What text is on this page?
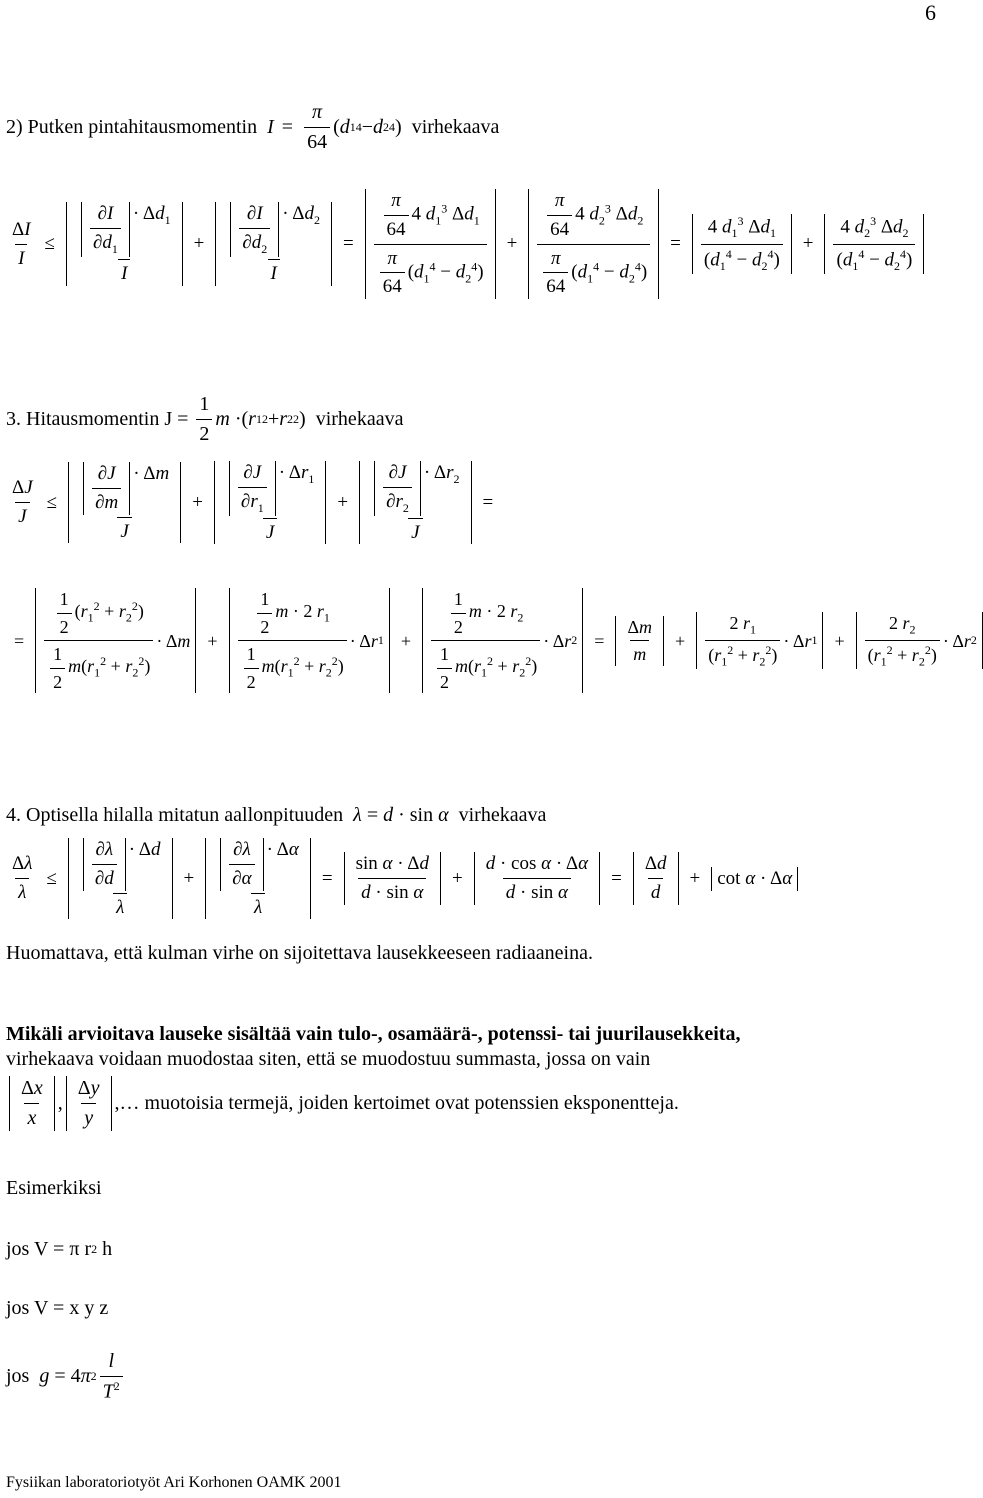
6
2)
Putken pintahitausmomentin
$I = \frac{\pi}{64}$ ( d 1 4 − d 2 4 )
virhekaava
$\frac{\Delta I}{I} \le \frac{\frac{\partial I}{\partial d_1} \cdot \Delta d_1}{I} + \frac{\frac{\partial I}{\partial d_2} \cdot \Delta d_2}{I} = \frac{\frac{\pi}{64} 4 d_1^3 \Delta d_1}{\frac{\pi}{64} (d_1^4 - d_2^4)} + \frac{\frac{\pi}{64} 4 d_2^3 \Delta d_2}{\frac{\pi}{64} (d_1^4 - d_2^4)} = \frac{4 d_1^3 \Delta d_1}{(d_1^4 - d_2^4)} + \frac{4 d_2^3 \Delta d_2}{(d_1^4 - d_2^4)}$
3. Hitausmomentin J =
$\frac{1}{2}$ m ·( r 1 2 + r 2 2 ) virhekaava
$\frac{\Delta J}{J} \le \frac{\frac{\partial J}{\partial m} \cdot \Delta m}{J} + \frac{\frac{\partial J}{\partial r_1} \cdot \Delta r_1}{J} + \frac{\frac{\partial J}{\partial r_2} \cdot \Delta r_2}{J}$ =
= $\frac{\frac{1}{2} (r_1^2 + r_2^2)}{\frac{1}{2} m(r_1^2 + r_2^2)} \cdot \Delta$ $m + \frac{\frac{1}{2} m \cdot 2 r_1}{\frac{1}{2} m(r_1^2 + r_2^2)} \cdot \Delta$ r $1 + \frac{\frac{1}{2} m \cdot 2 r_2}{\frac{1}{2} m(r_1^2 + r_2^2)} \cdot \Delta$ r $2 = \frac{\Delta m}{m} + \frac{2 r_1}{(r_1^2 + r_2^2)} \cdot \Delta$ r $1 + \frac{2 r_2}{(r_1^2 + r_2^2)} \cdot \Delta$ r 2
4. Optisella hilalla mitatun aallonpituuden
λ = d · sin α
virhekaava
$\frac{\Delta\lambda}{\lambda} \le \frac{\frac{\partial\lambda}{\partial d} \cdot \Delta d}{\lambda} + \frac{\frac{\partial\lambda}{\partial\alpha} \cdot \Delta\alpha}{\lambda} = \frac{\text{sin α · Δd}}{\text{d · sin α}} + \frac{\text{d · cos α · Δα}}{\text{d · sin α}} = \frac{\Delta d}{d} + \cot \alpha \cdot \Delta$ α

Huomattava, että kulman virhe on sijoitettava lausekkeeseen radiaaneina.

Mikäli arvioitava lauseke sisältää vain tulo-, osamäärä-, potenssi- tai juurilausekkeita,

virhekaava voidaan muodostaa siten, että se muodostuu summasta, jossa on vain

$\frac{\Delta x}{x}$ , $\frac{\Delta y}{y}$ ,… muotoisia termejä, joiden kertoimet ovat potenssien eksponentteja.

Esimerkiksi

jos V = π r 2
h
jos V = x y z
jos
g = 4 π $2 \frac{l}{T^2}$
Fysiikan laboratoriotyöt Ari Korhonen OAMK 2001
